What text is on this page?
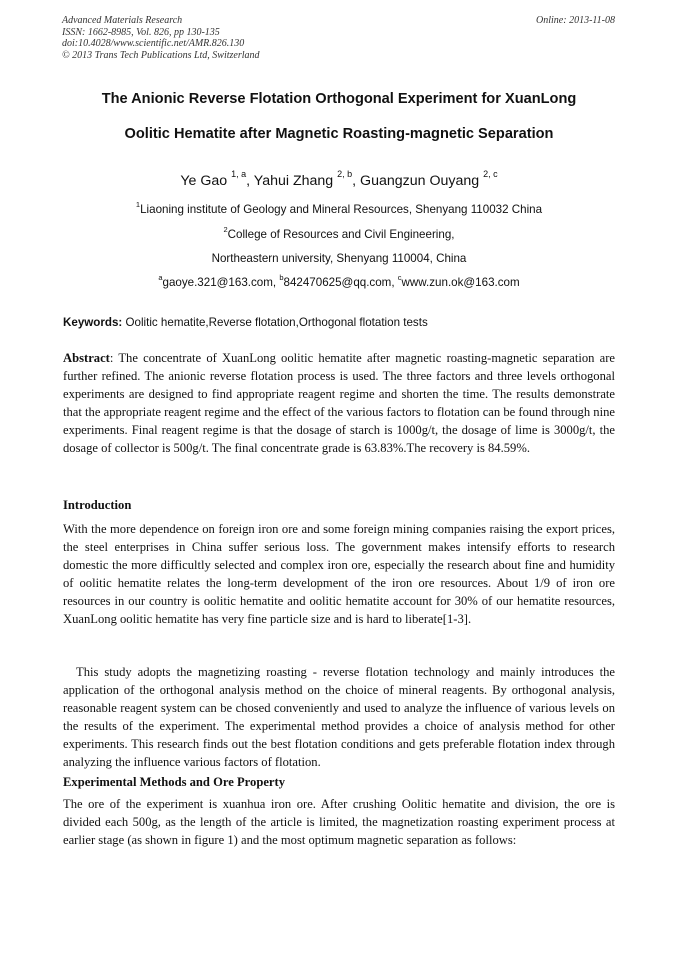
Advanced Materials Research
ISSN: 1662-8985, Vol. 826, pp 130-135
doi:10.4028/www.scientific.net/AMR.826.130
© 2013 Trans Tech Publications Ltd, Switzerland
Online: 2013-11-08
The Anionic Reverse Flotation Orthogonal Experiment for XuanLong
Oolitic Hematite after Magnetic Roasting-magnetic Separation
Ye Gao $^{1, a}$, Yahui Zhang $^{2, b}$, Guangzun Ouyang $^{2, c}$
$^1$Liaoning institute of Geology and Mineral Resources, Shenyang 110032 China
$^2$College of Resources and Civil Engineering,
Northeastern university, Shenyang 110004, China
$^a$gaoye.321@163.com, $^b$842470625@qq.com, $^c$www.zun.ok@163.com
Keywords: Oolitic hematite,Reverse flotation,Orthogonal flotation tests

Abstract: The concentrate of XuanLong oolitic hematite after magnetic roasting-magnetic separation are further refined. The anionic reverse flotation process is used. The three factors and three levels orthogonal experiments are designed to find appropriate reagent regime and shorten the time. The results demonstrate that the appropriate reagent regime and the effect of the various factors to flotation can be found through nine experiments. Final reagent regime is that the dosage of starch is 1000g/t, the dosage of lime is 3000g/t, the dosage of collector is 500g/t. The final concentrate grade is 63.83%.The recovery is 84.59%.

Introduction

With the more dependence on foreign iron ore and some foreign mining companies raising the export prices, the steel enterprises in China suffer serious loss. The government makes intensify efforts to research domestic the more difficultly selected and complex iron ore, especially the research about fine and humidity of oolitic hematite relates the long-term development of the iron ore resources. About 1/9 of iron ore resources in our country is oolitic hematite and oolitic hematite account for 30% of our hematite resources, XuanLong oolitic hematite has very fine particle size and is hard to liberate[1-3].

This study adopts the magnetizing roasting - reverse flotation technology and mainly introduces the application of the orthogonal analysis method on the choice of mineral reagents. By orthogonal analysis, reasonable reagent system can be chosed conveniently and used to analyze the influence of various levels on the results of the experiment. The experimental method provides a choice of analysis method for other experiments. This research finds out the best flotation conditions and gets preferable flotation index through analyzing the influence various factors of flotation.

Experimental Methods and Ore Property

The ore of the experiment is xuanhua iron ore. After crushing Oolitic hematite and division, the ore is divided each 500g, as the length of the article is limited, the magnetization roasting experiment process at earlier stage (as shown in figure 1) and the most optimum magnetic separation as follows:
